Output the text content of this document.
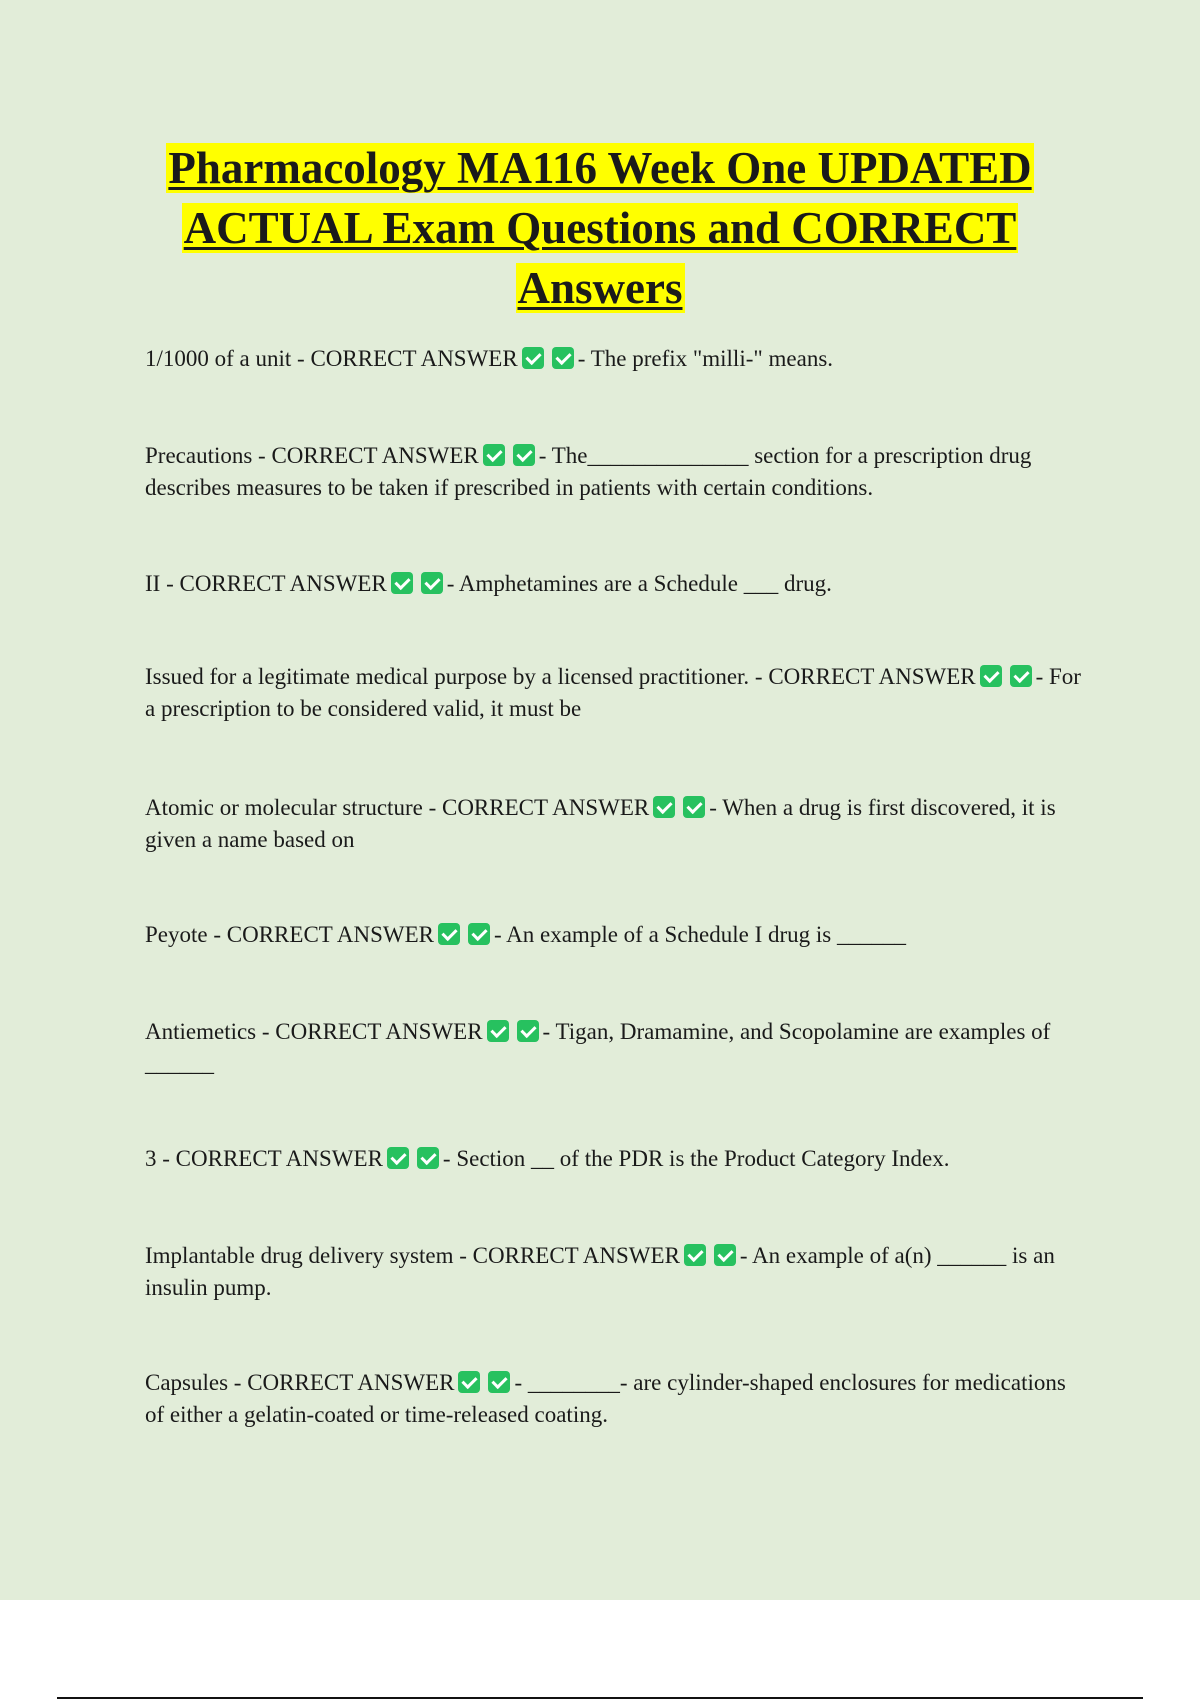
Pharmacology MA116 Week One UPDATED
ACTUAL Exam Questions and CORRECT
Answers

1/1000 of a unit - CORRECT ANSWER	- The prefix "milli-" means.

Precautions - CORRECT ANSWER	- The______________ section for a prescription drug describes measures to be taken if prescribed in patients with certain conditions.

II - CORRECT ANSWER	- Amphetamines are a Schedule ___ drug.

Issued for a legitimate medical purpose by a licensed practitioner. - CORRECT ANSWER	- For a prescription to be considered valid, it must be

Atomic or molecular structure - CORRECT ANSWER	- When a drug is first discovered, it is given a name based on

Peyote - CORRECT ANSWER	- An example of a Schedule I drug is ______

Antiemetics - CORRECT ANSWER	- Tigan, Dramamine, and Scopolamine are examples of ______

3 - CORRECT ANSWER	- Section __ of the PDR is the Product Category Index.

Implantable drug delivery system - CORRECT ANSWER	- An example of a(n) ______ is an insulin pump.

Capsules - CORRECT ANSWER	- ________- are cylinder-shaped enclosures for medications of either a gelatin-coated or time-released coating.
